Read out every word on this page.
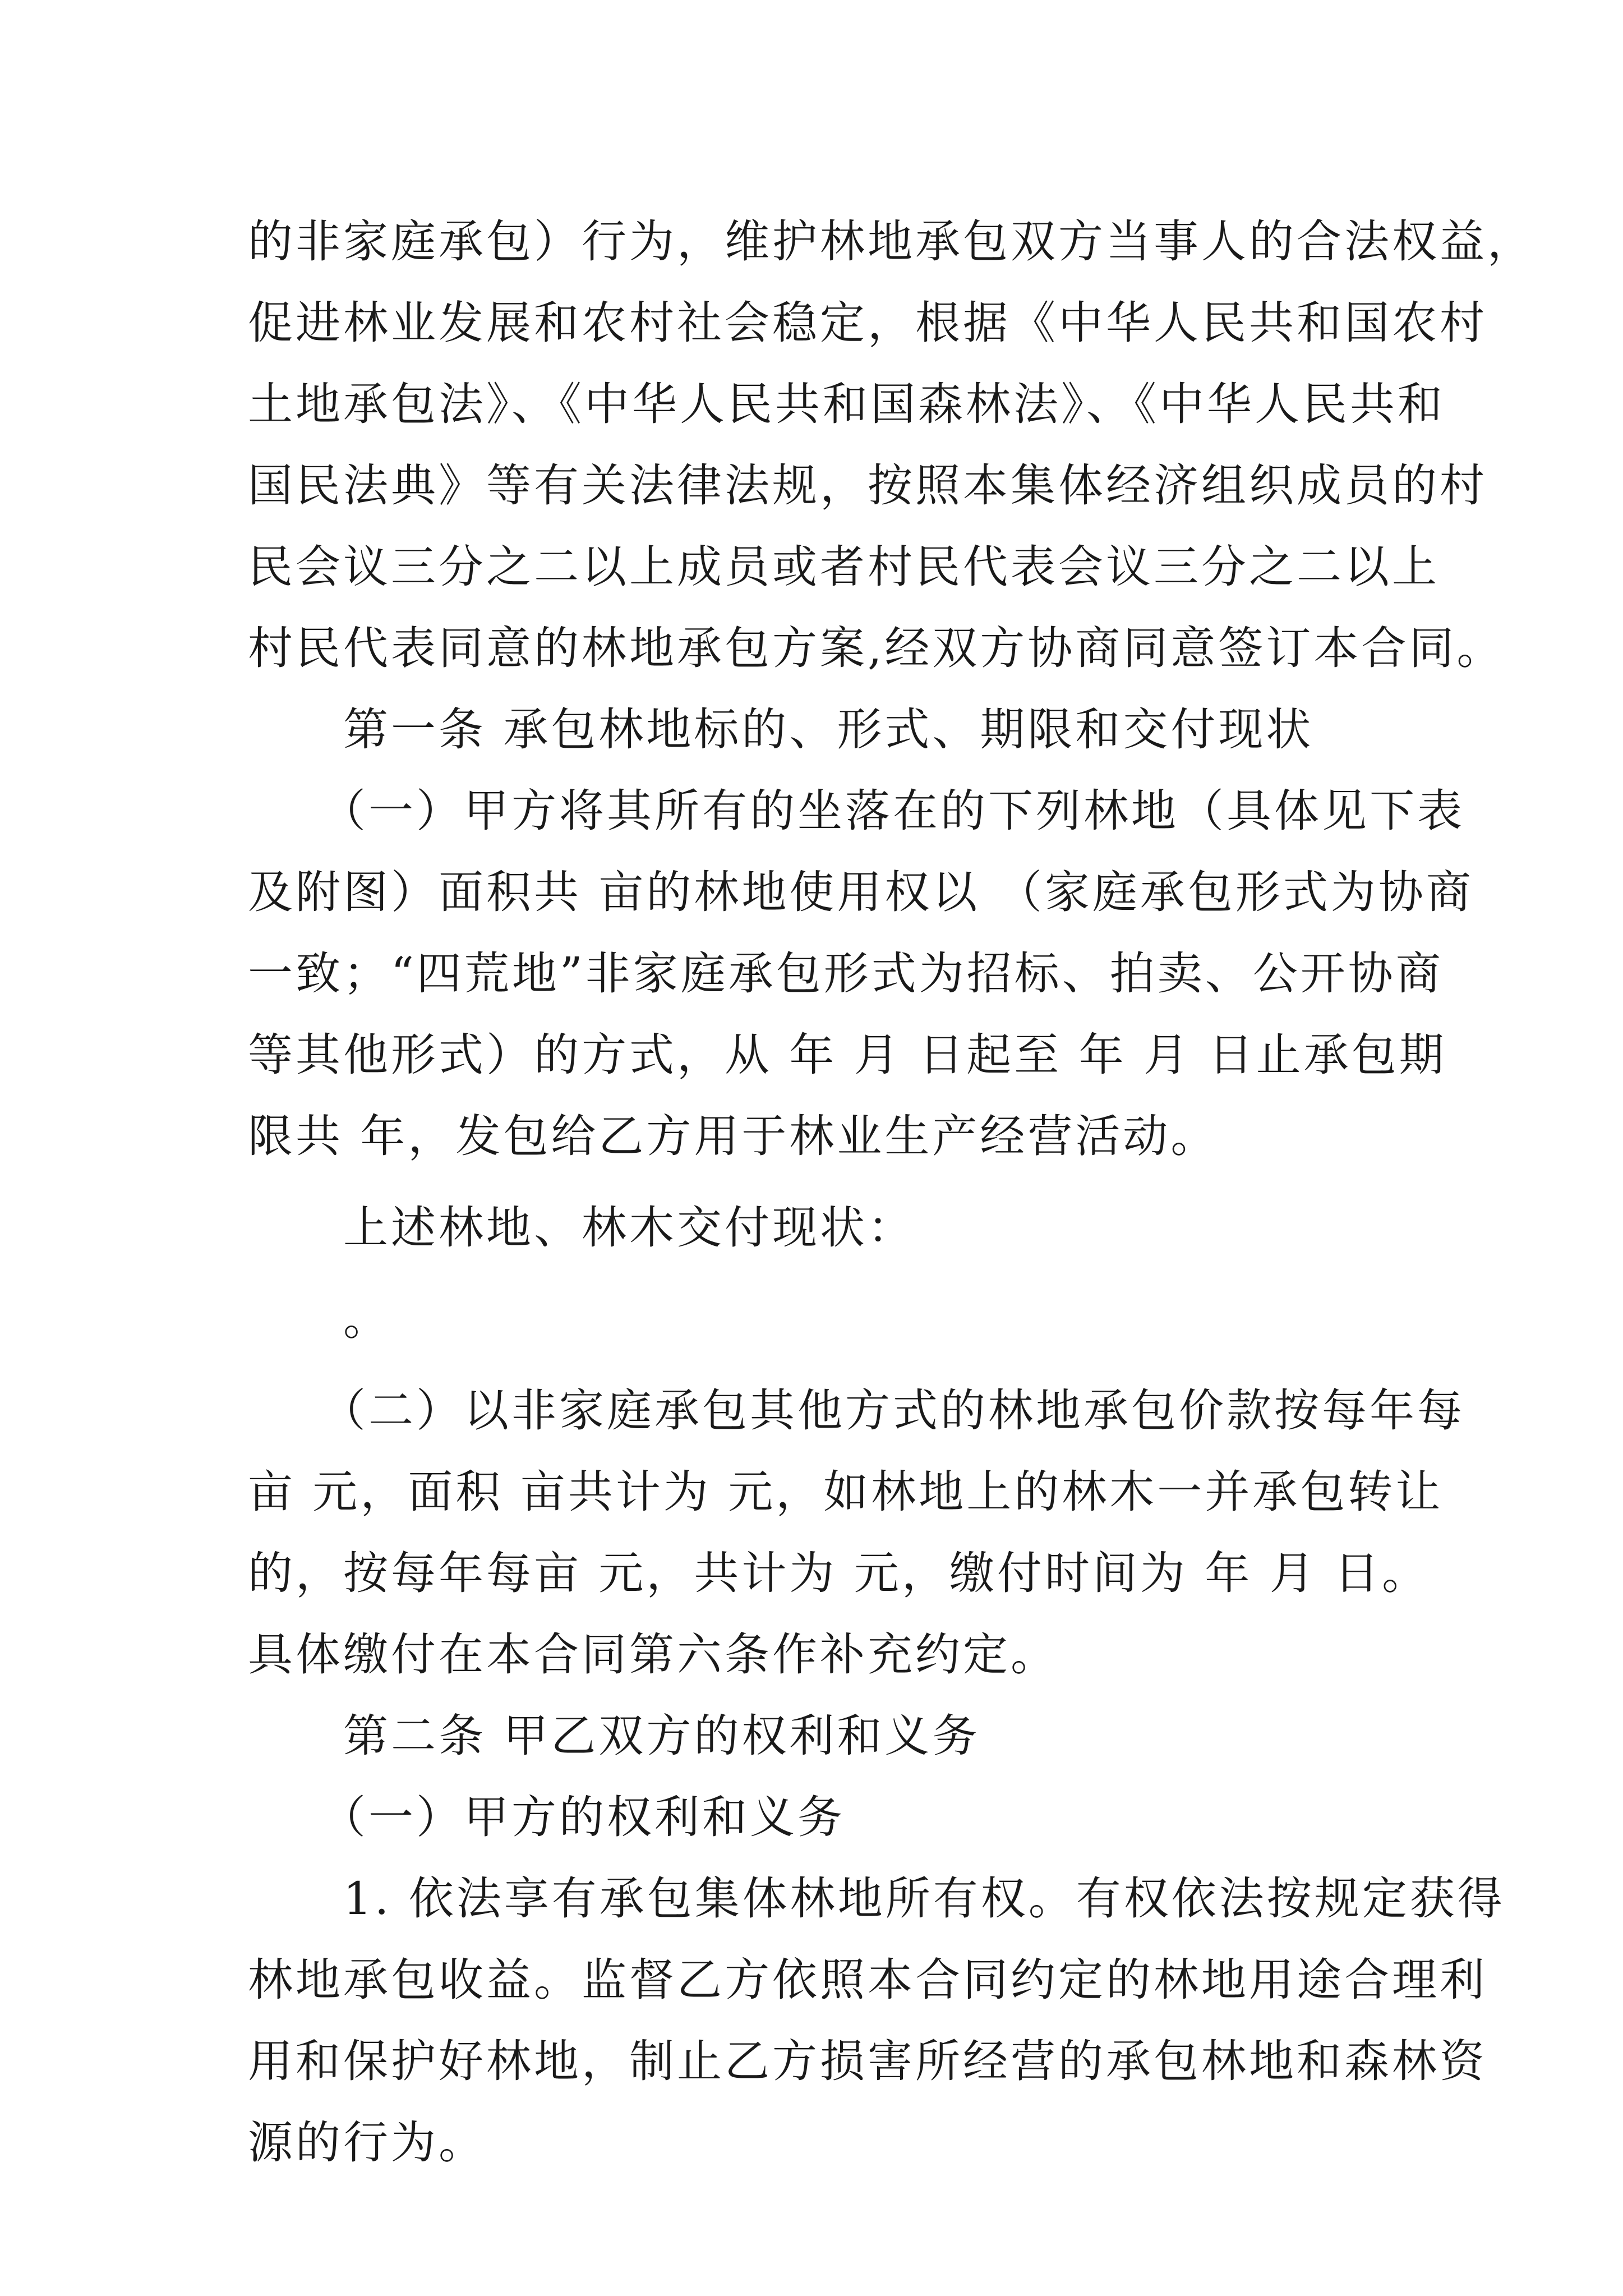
的非家庭承包）行为，维护林地承包双方当事人的合法权益，
促进林业发展和农村社会稳定，根据《中华人民共和国农村
土地承包法》、《中华人民共和国森林法》、《中华人民共和
国民法典》等有关法律法规，按照本集体经济组织成员的村
民会议三分之二以上成员或者村民代表会议三分之二以上
村民代表同意的林地承包方案,经双方协商同意签订本合同。
　　第一条 承包林地标的、形式、期限和交付现状
　　（一）甲方将其所有的坐落在的下列林地（具体见下表
及附图）面积共 亩的林地使用权以 （家庭承包形式为协商
一致；“四荒地”非家庭承包形式为招标、拍卖、公开协商
等其他形式）的方式，从 年 月 日起至 年 月 日止承包期
限共 年，发包给乙方用于林业生产经营活动。
　　上述林地、林木交付现状：
　　。
　　（二）以非家庭承包其他方式的林地承包价款按每年每
亩 元，面积 亩共计为 元，如林地上的林木一并承包转让
的，按每年每亩 元，共计为 元，缴付时间为 年 月 日。
具体缴付在本合同第六条作补充约定。
　　第二条 甲乙双方的权利和义务
　　（一）甲方的权利和义务
　　1. 依法享有承包集体林地所有权。有权依法按规定获得
林地承包收益。监督乙方依照本合同约定的林地用途合理利
用和保护好林地，制止乙方损害所经营的承包林地和森林资
源的行为。
